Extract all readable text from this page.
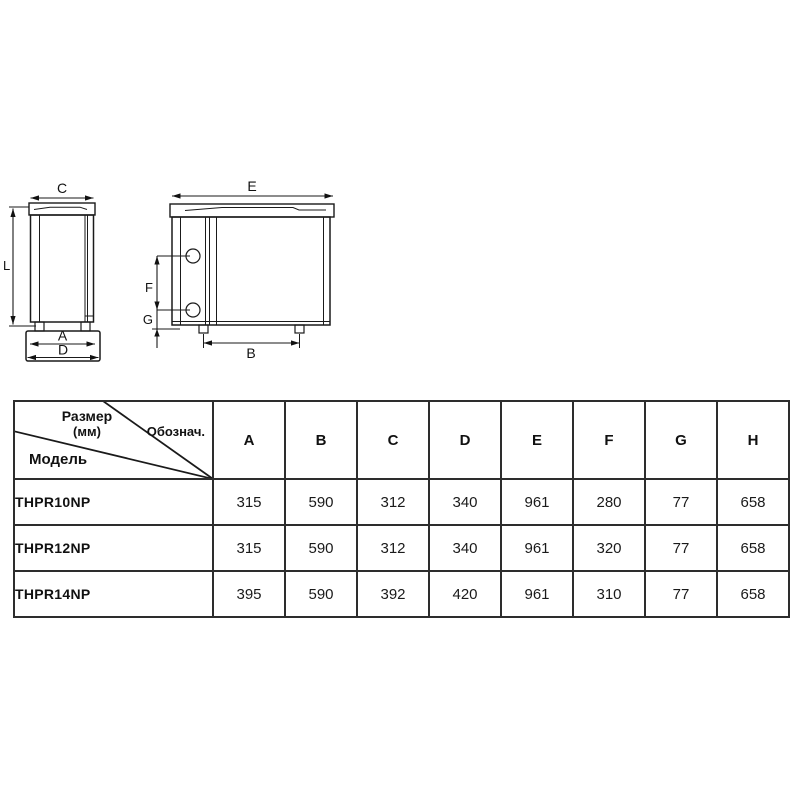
C
L
A
D
E
F
G
B
Размер
(мм) Обознач.
Модель	A	B	C	D	E	F	G	H
THPR10NP	315	590	312	340	961	280	77	658
THPR12NP	315	590	312	340	961	320	77	658
THPR14NP	395	590	392	420	961	310	77	658
